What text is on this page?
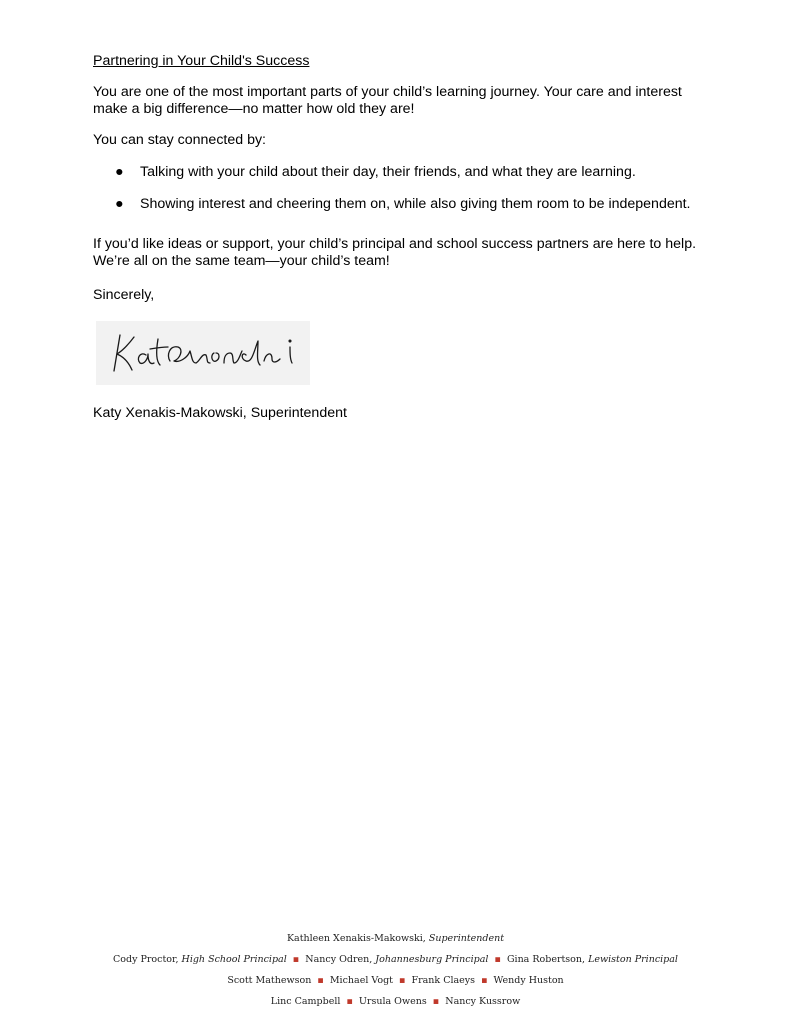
Partnering in Your Child's Success

You are one of the most important parts of your child’s learning journey. Your care and interest make a big difference—no matter how old they are!

You can stay connected by:

● Talking with your child about their day, their friends, and what they are learning.
● Showing interest and cheering them on, while also giving them room to be independent.

If you’d like ideas or support, your child’s principal and school success partners are here to help. We’re all on the same team—your child’s team!

Sincerely,

Katy Xenakis-Makowski, Superintendent

Kathleen Xenakis-Makowski, Superintendent

Cody Proctor, High School Principal ▪ Nancy Odren, Johannesburg Principal ▪ Gina Robertson, Lewiston Principal

Scott Mathewson ▪ Michael Vogt ▪ Frank Claeys ▪ Wendy Huston

Linc Campbell ▪ Ursula Owens ▪ Nancy Kussrow
